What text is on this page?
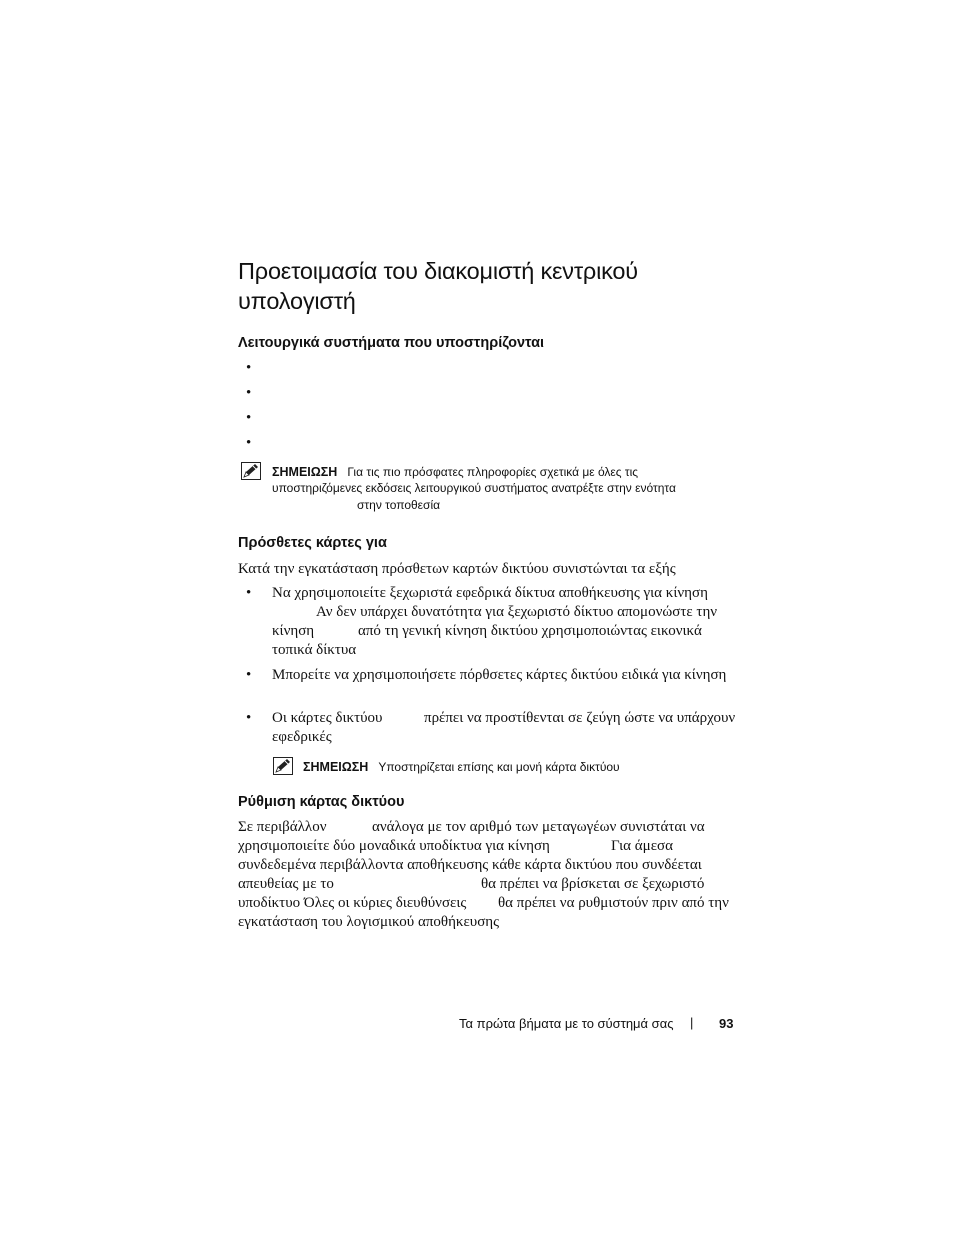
Προετοιμασία του διακομιστή κεντρικού
υπολογιστή
Λειτουργικά συστήματα που υποστηρίζονται
•
•
•
•
ΣΗΜΕΙΩΣΗ Για τις πιο πρόσφατες πληροφορίες σχετικά με όλες τις
υποστηριζόμενες εκδόσεις λειτουργικού συστήματος ανατρέξτε στην ενότητα
στην τοποθεσία
Πρόσθετες κάρτες για
Κατά την εγκατάσταση πρόσθετων καρτών δικτύου συνιστώνται τα εξής
• Να χρησιμοποιείτε ξεχωριστά εφεδρικά δίκτυα αποθήκευσης για κίνηση
Αν δεν υπάρχει δυνατότητα για ξεχωριστό δίκτυο απομονώστε την
κίνηση	από τη γενική κίνηση δικτύου χρησιμοποιώντας εικονικά
τοπικά δίκτυα
• Μπορείτε να χρησιμοποιήσετε πόρθσετες κάρτες δικτύου ειδικά για κίνηση
• Οι κάρτες δικτύου	πρέπει να προστίθενται σε ζεύγη ώστε να υπάρχουν
εφεδρικές
ΣΗΜΕΙΩΣΗ Υποστηρίζεται επίσης και μονή κάρτα δικτύου
Ρύθμιση κάρτας δικτύου
Σε περιβάλλον	ανάλογα με τον αριθμό των μεταγωγέων συνιστάται να
χρησιμοποιείτε δύο μοναδικά υποδίκτυα για κίνηση	Για άμεσα
συνδεδεμένα περιβάλλοντα αποθήκευσης κάθε κάρτα δικτύου που συνδέεται
απευθείας με το	θα πρέπει να βρίσκεται σε ξεχωριστό
υποδίκτυο Όλες οι κύριες διευθύνσεις θα πρέπει να ρυθμιστούν πριν από την
εγκατάσταση του λογισμικού αποθήκευσης
Τα πρώτα βήματα με το σύστημά σας | 93
